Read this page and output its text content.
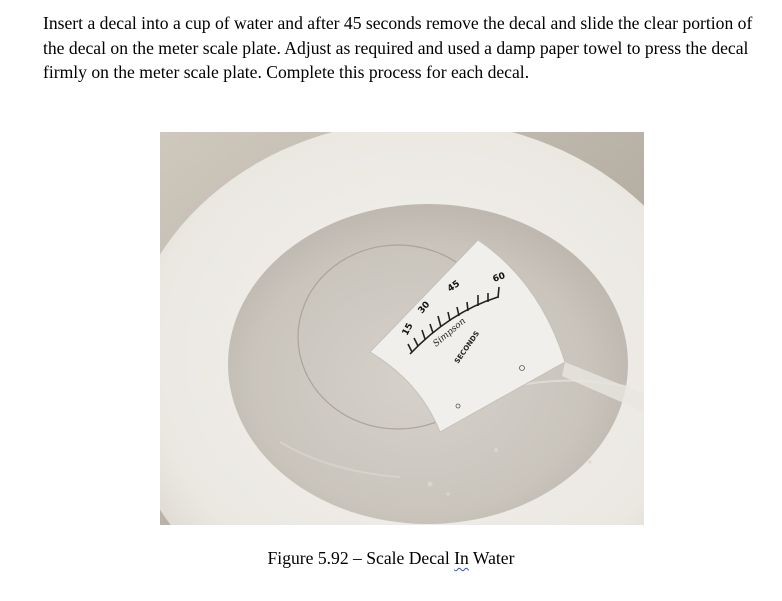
Insert a decal into a cup of water and after 45 seconds remove the decal and slide the clear portion of the decal on the meter scale plate. Adjust as required and used a damp paper towel to press the decal firmly on the meter scale plate. Complete this process for each decal.

15
30
45
60
Simpson
SECONDS
Figure 5.92 – Scale Decal In Water
